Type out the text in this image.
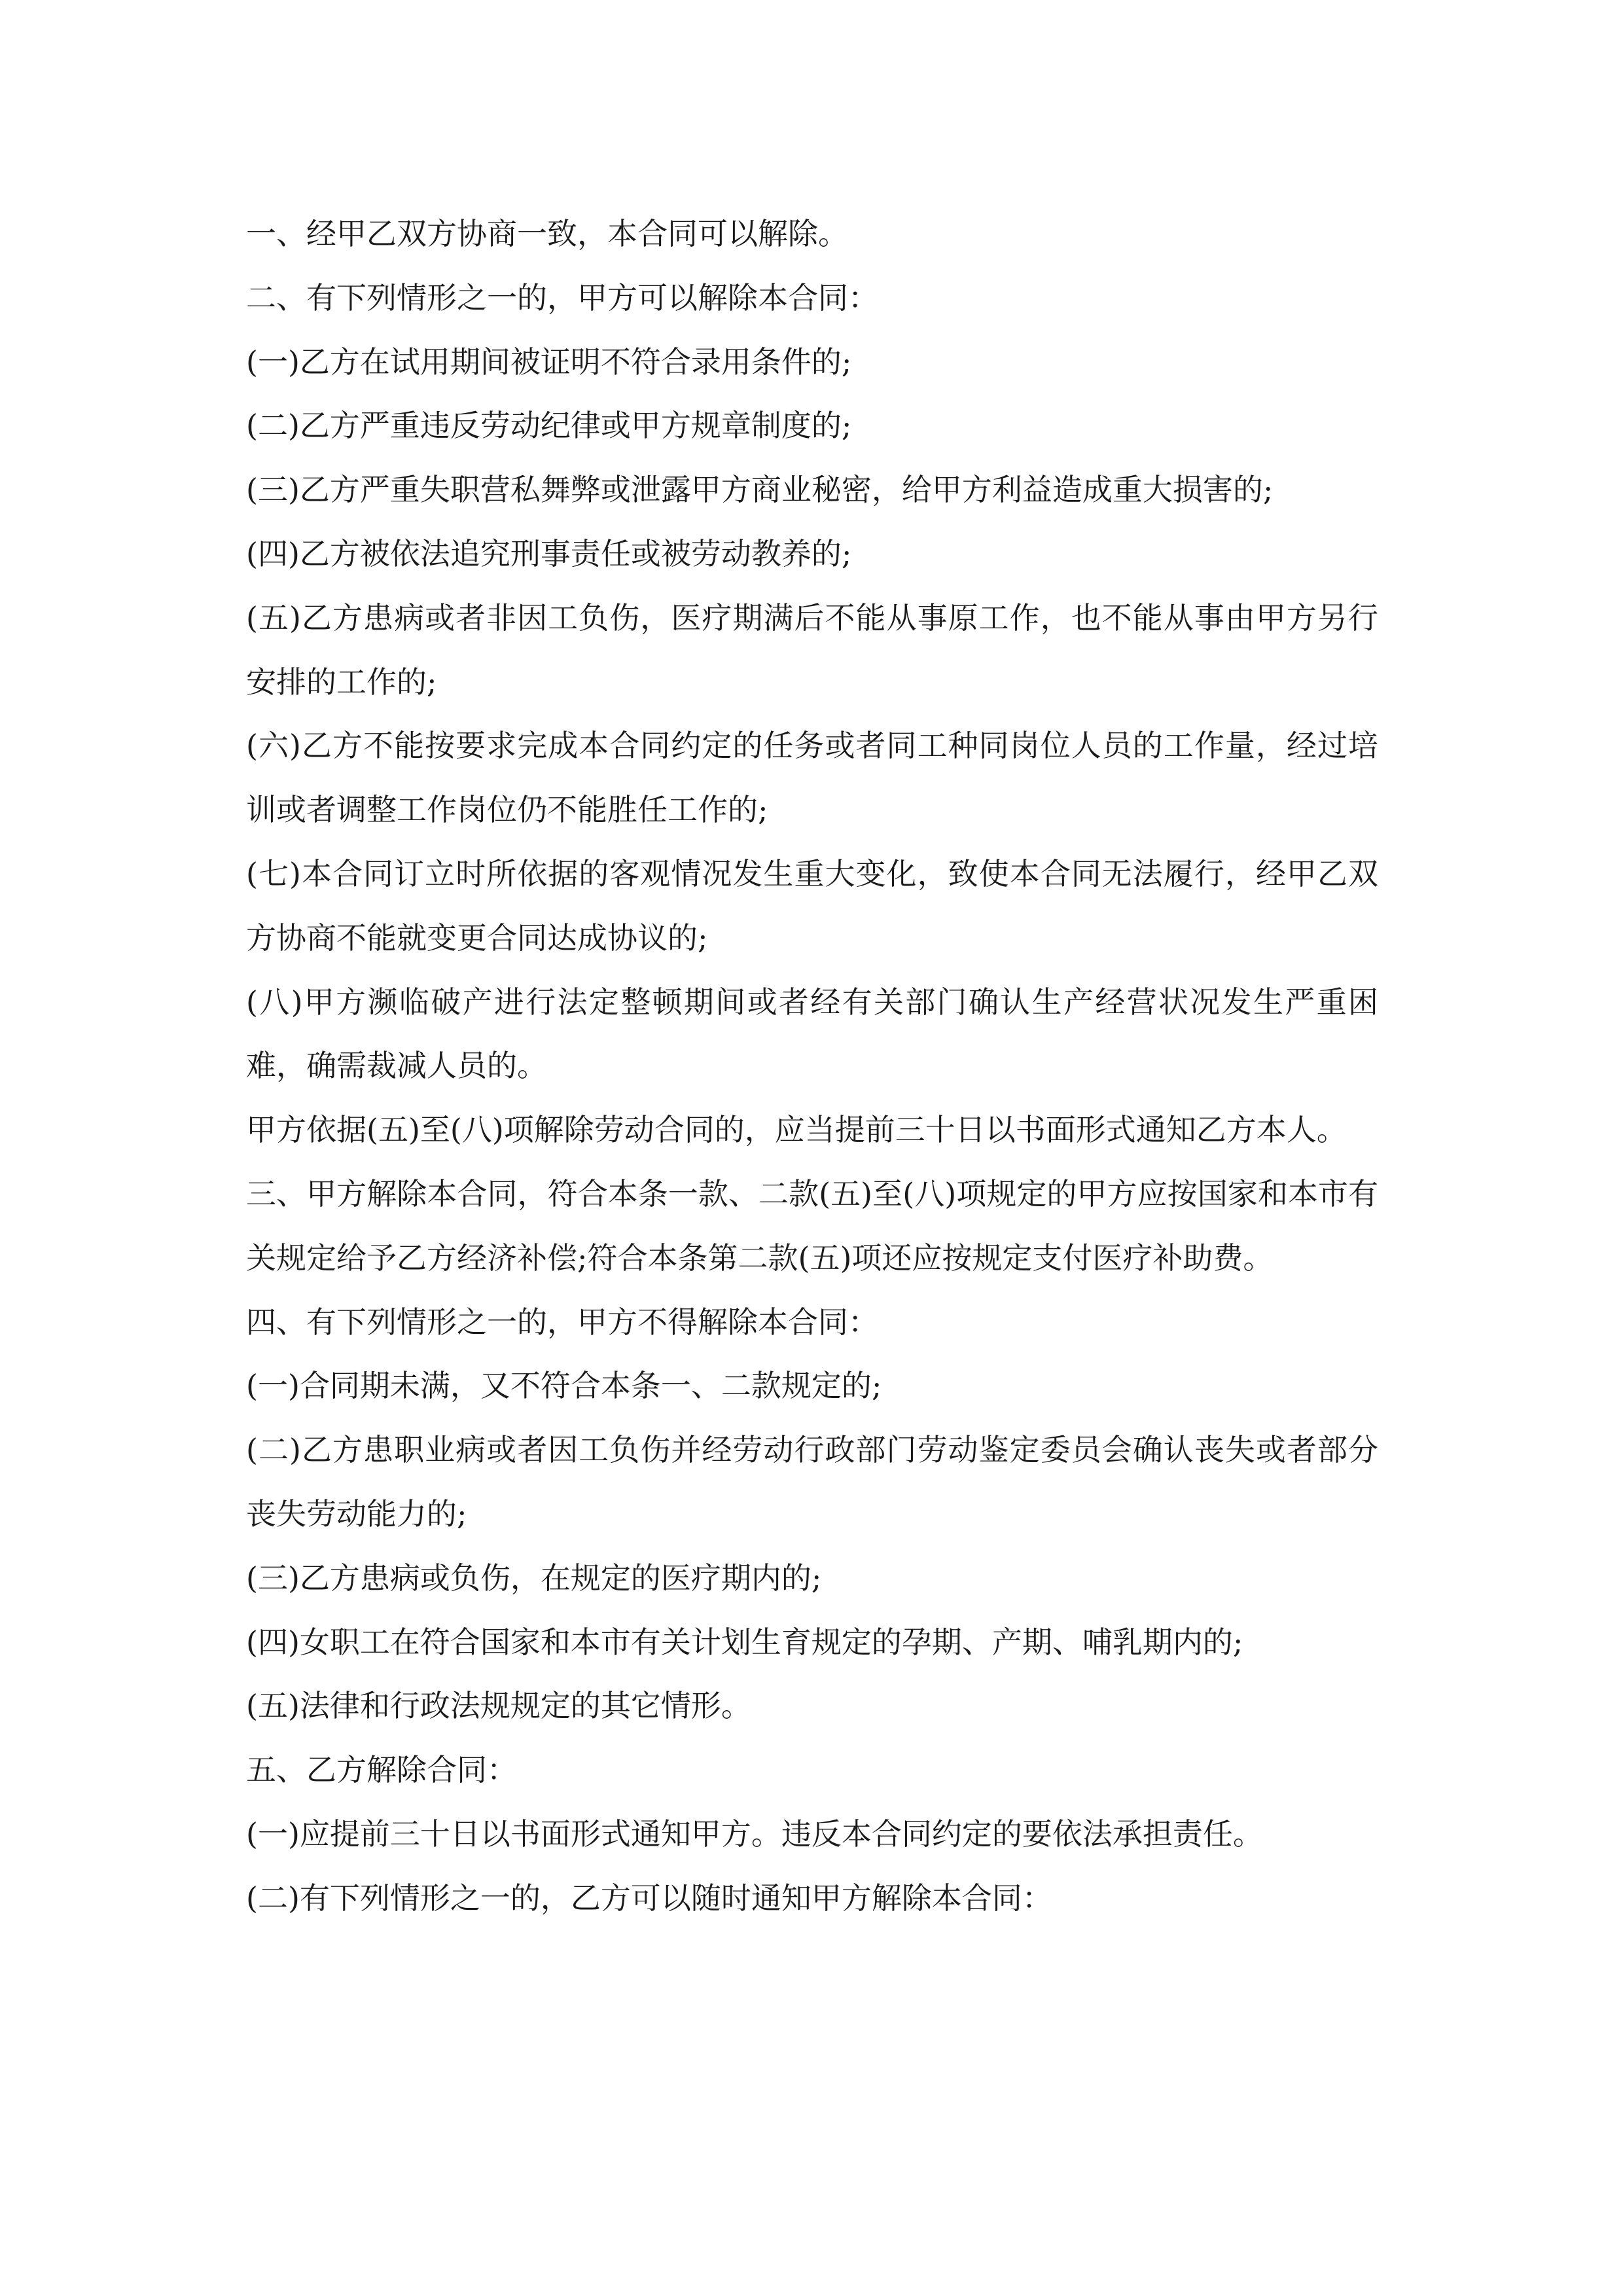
一、经甲乙双方协商一致，本合同可以解除。

二、有下列情形之一的，甲方可以解除本合同：

(一)乙方在试用期间被证明不符合录用条件的;

(二)乙方严重违反劳动纪律或甲方规章制度的;

(三)乙方严重失职营私舞弊或泄露甲方商业秘密，给甲方利益造成重大损害的;

(四)乙方被依法追究刑事责任或被劳动教养的;

(五)乙方患病或者非因工负伤，医疗期满后不能从事原工作，也不能从事由甲方另行安排的工作的;

(六)乙方不能按要求完成本合同约定的任务或者同工种同岗位人员的工作量，经过培训或者调整工作岗位仍不能胜任工作的;

(七)本合同订立时所依据的客观情况发生重大变化，致使本合同无法履行，经甲乙双方协商不能就变更合同达成协议的;

(八)甲方濒临破产进行法定整顿期间或者经有关部门确认生产经营状况发生严重困难，确需裁减人员的。

甲方依据(五)至(八)项解除劳动合同的，应当提前三十日以书面形式通知乙方本人。

三、甲方解除本合同，符合本条一款、二款(五)至(八)项规定的甲方应按国家和本市有关规定给予乙方经济补偿;符合本条第二款(五)项还应按规定支付医疗补助费。

四、有下列情形之一的，甲方不得解除本合同：

(一)合同期未满，又不符合本条一、二款规定的;

(二)乙方患职业病或者因工负伤并经劳动行政部门劳动鉴定委员会确认丧失或者部分丧失劳动能力的;

(三)乙方患病或负伤，在规定的医疗期内的;

(四)女职工在符合国家和本市有关计划生育规定的孕期、产期、哺乳期内的;

(五)法律和行政法规规定的其它情形。

五、乙方解除合同：

(一)应提前三十日以书面形式通知甲方。违反本合同约定的要依法承担责任。

(二)有下列情形之一的，乙方可以随时通知甲方解除本合同：
